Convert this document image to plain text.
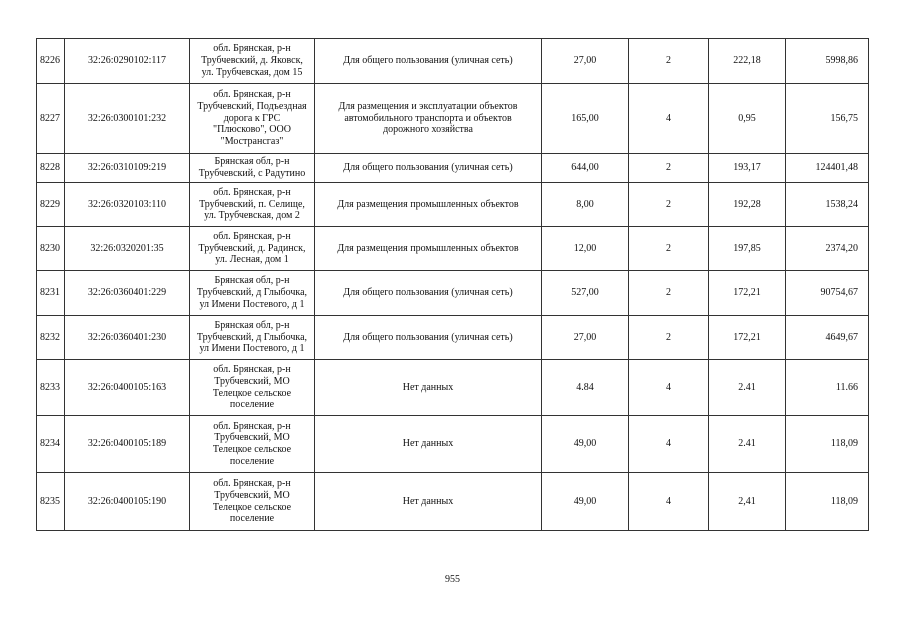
8226	32:26:0290102:117	обл. Брянская, р-н
Трубчевский, д. Яковск,
ул. Трубчевская, дом 15	Для общего пользования (уличная сеть)	27,00	2	222,18	5998,86
8227	32:26:0300101:232	обл. Брянская, р-н
Трубчевский, Подъездная
дорога к ГРС
"Плюсково", ООО
"Мострансгаз"	Для размещения и эксплуатации объектов
автомобильного транспорта и объектов
дорожного хозяйства	165,00	4	0,95	156,75
8228	32:26:0310109:219	Брянская обл, р-н
Трубчевский, с Радутино	Для общего пользования (уличная сеть)	644,00	2	193,17	124401,48
8229	32:26:0320103:110	обл. Брянская, р-н
Трубчевский, п. Селище,
ул. Трубчевская, дом 2	Для размещения промышленных объектов	8,00	2	192,28	1538,24
8230	32:26:0320201:35	обл. Брянская, р-н
Трубчевский, д. Радинск,
ул. Лесная, дом 1	Для размещения промышленных объектов	12,00	2	197,85	2374,20
8231	32:26:0360401:229	Брянская обл, р-н
Трубчевский, д Глыбочка,
ул Имени Постевого, д 1	Для общего пользования (уличная сеть)	527,00	2	172,21	90754,67
8232	32:26:0360401:230	Брянская обл, р-н
Трубчевский, д Глыбочка,
ул Имени Постевого, д 1	Для общего пользования (уличная сеть)	27,00	2	172,21	4649,67
8233	32:26:0400105:163	обл. Брянская, р-н
Трубчевский, МО
Телецкое сельское
поселение	Нет данных	4.84	4	2.41	11.66
8234	32:26:0400105:189	обл. Брянская, р-н
Трубчевский, МО
Телецкое сельское
поселение	Нет данных	49,00	4	2.41	118,09
8235	32:26:0400105:190	обл. Брянская, р-н
Трубчевский, МО
Телецкое сельское
поселение	Нет данных	49,00	4	2,41	118,09
955
